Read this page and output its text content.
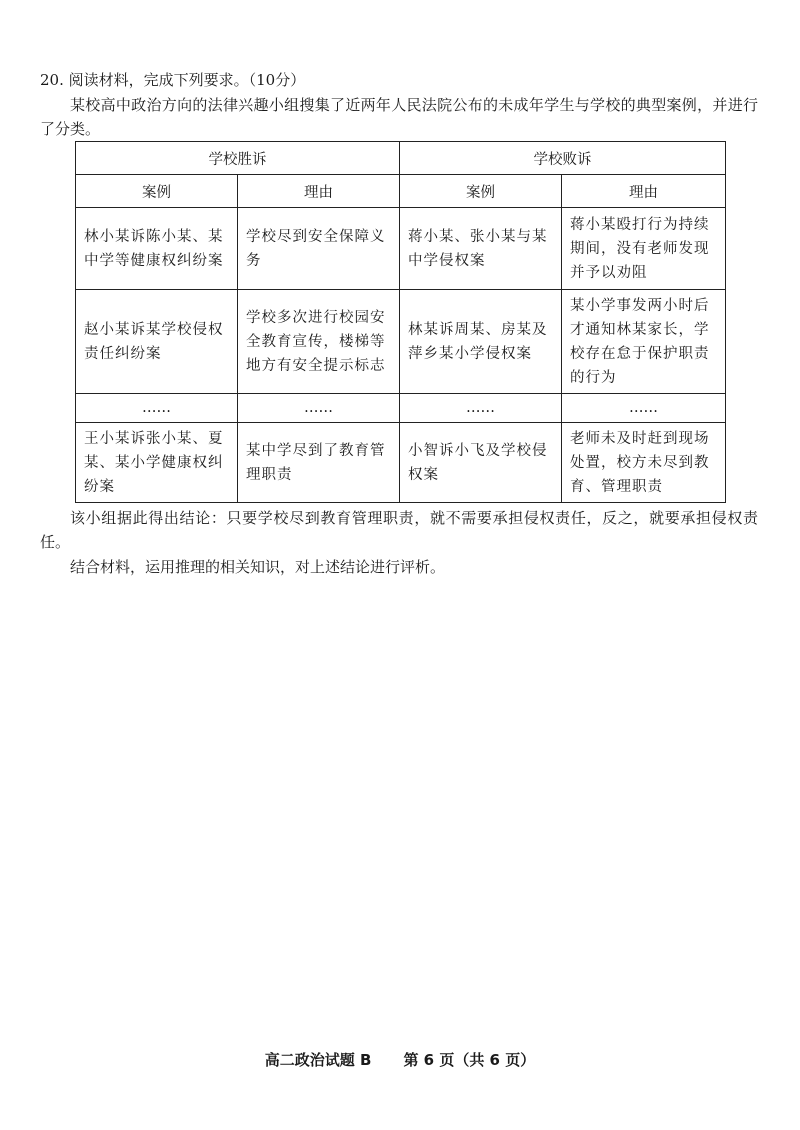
20. 阅读材料，完成下列要求。（10分）
某校高中政治方向的法律兴趣小组搜集了近两年人民法院公布的未成年学生与学校的典型案例，并进行了分类。
学校胜诉		学校败诉	
案例	理由	案例	理由
林小某诉陈小某、某中学等健康权纠纷案	学校尽到安全保障义务	蒋小某、张小某与某中学侵权案	蒋小某殴打行为持续期间，没有老师发现并予以劝阻
赵小某诉某学校侵权责任纠纷案	学校多次进行校园安全教育宣传，楼梯等地方有安全提示标志	林某诉周某、房某及萍乡某小学侵权案	某小学事发两小时后才通知林某家长，学校存在怠于保护职责的行为
……	……	……	……
王小某诉张小某、夏某、某小学健康权纠纷案	某中学尽到了教育管理职责	小智诉小飞及学校侵权案	老师未及时赶到现场处置，校方未尽到教育、管理职责
该小组据此得出结论：只要学校尽到教育管理职责，就不需要承担侵权责任，反之，就要承担侵权责任。
结合材料，运用推理的相关知识，对上述结论进行评析。
高二政治试题 B 第 6 页（共 6 页）
